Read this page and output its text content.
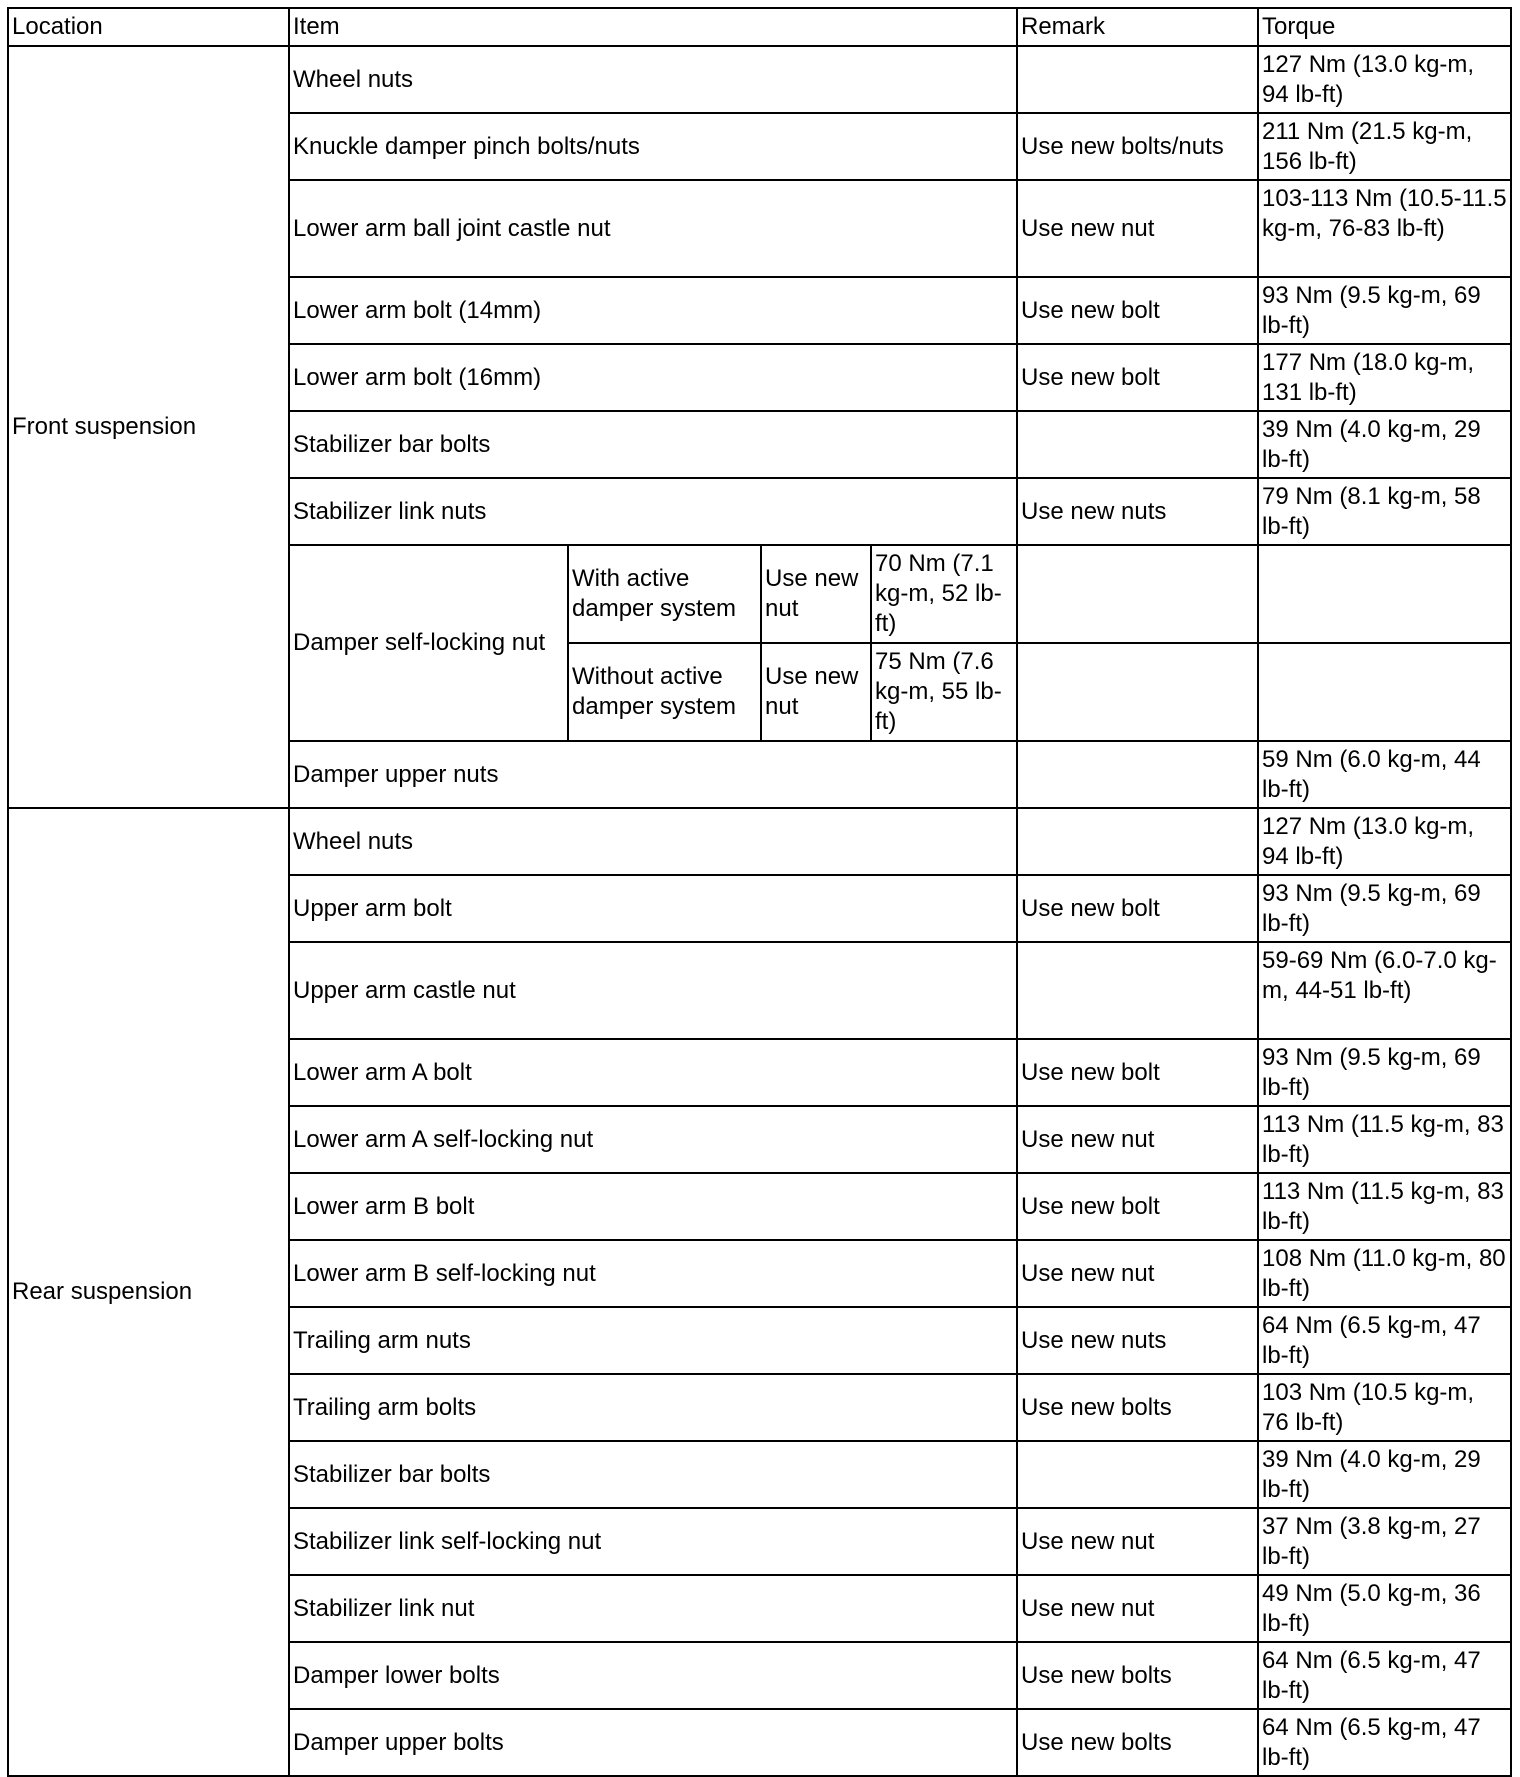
Location	Item				Remark	Torque
Front suspension	Wheel nuts					127 Nm (13.0 kg-m, 94 lb-ft)
	Knuckle damper pinch bolts/nuts				Use new bolts/nuts	211 Nm (21.5 kg-m, 156 lb-ft)
	Lower arm ball joint castle nut				Use new nut	103-113 Nm (10.5-11.5 kg-m, 76-83 lb-ft)
	Lower arm bolt (14mm)				Use new bolt	93 Nm (9.5 kg-m, 69 lb-ft)
	Lower arm bolt (16mm)				Use new bolt	177 Nm (18.0 kg-m, 131 lb-ft)
	Stabilizer bar bolts					39 Nm (4.0 kg-m, 29 lb-ft)
	Stabilizer link nuts				Use new nuts	79 Nm (8.1 kg-m, 58 lb-ft)
	Damper self-locking nut	With active damper system	Use new nut	70 Nm (7.1 kg-m, 52 lb-ft)		
		Without active damper system	Use new nut	75 Nm (7.6 kg-m, 55 lb-ft)		
	Damper upper nuts					59 Nm (6.0 kg-m, 44 lb-ft)
Rear suspension	Wheel nuts					127 Nm (13.0 kg-m, 94 lb-ft)
	Upper arm bolt				Use new bolt	93 Nm (9.5 kg-m, 69 lb-ft)
	Upper arm castle nut					59-69 Nm (6.0-7.0 kg-m, 44-51 lb-ft)
	Lower arm A bolt				Use new bolt	93 Nm (9.5 kg-m, 69 lb-ft)
	Lower arm A self-locking nut				Use new nut	113 Nm (11.5 kg-m, 83 lb-ft)
	Lower arm B bolt				Use new bolt	113 Nm (11.5 kg-m, 83 lb-ft)
	Lower arm B self-locking nut				Use new nut	108 Nm (11.0 kg-m, 80 lb-ft)
	Trailing arm nuts				Use new nuts	64 Nm (6.5 kg-m, 47 lb-ft)
	Trailing arm bolts				Use new bolts	103 Nm (10.5 kg-m, 76 lb-ft)
	Stabilizer bar bolts					39 Nm (4.0 kg-m, 29 lb-ft)
	Stabilizer link self-locking nut				Use new nut	37 Nm (3.8 kg-m, 27 lb-ft)
	Stabilizer link nut				Use new nut	49 Nm (5.0 kg-m, 36 lb-ft)
	Damper lower bolts				Use new bolts	64 Nm (6.5 kg-m, 47 lb-ft)
	Damper upper bolts				Use new bolts	64 Nm (6.5 kg-m, 47 lb-ft)
